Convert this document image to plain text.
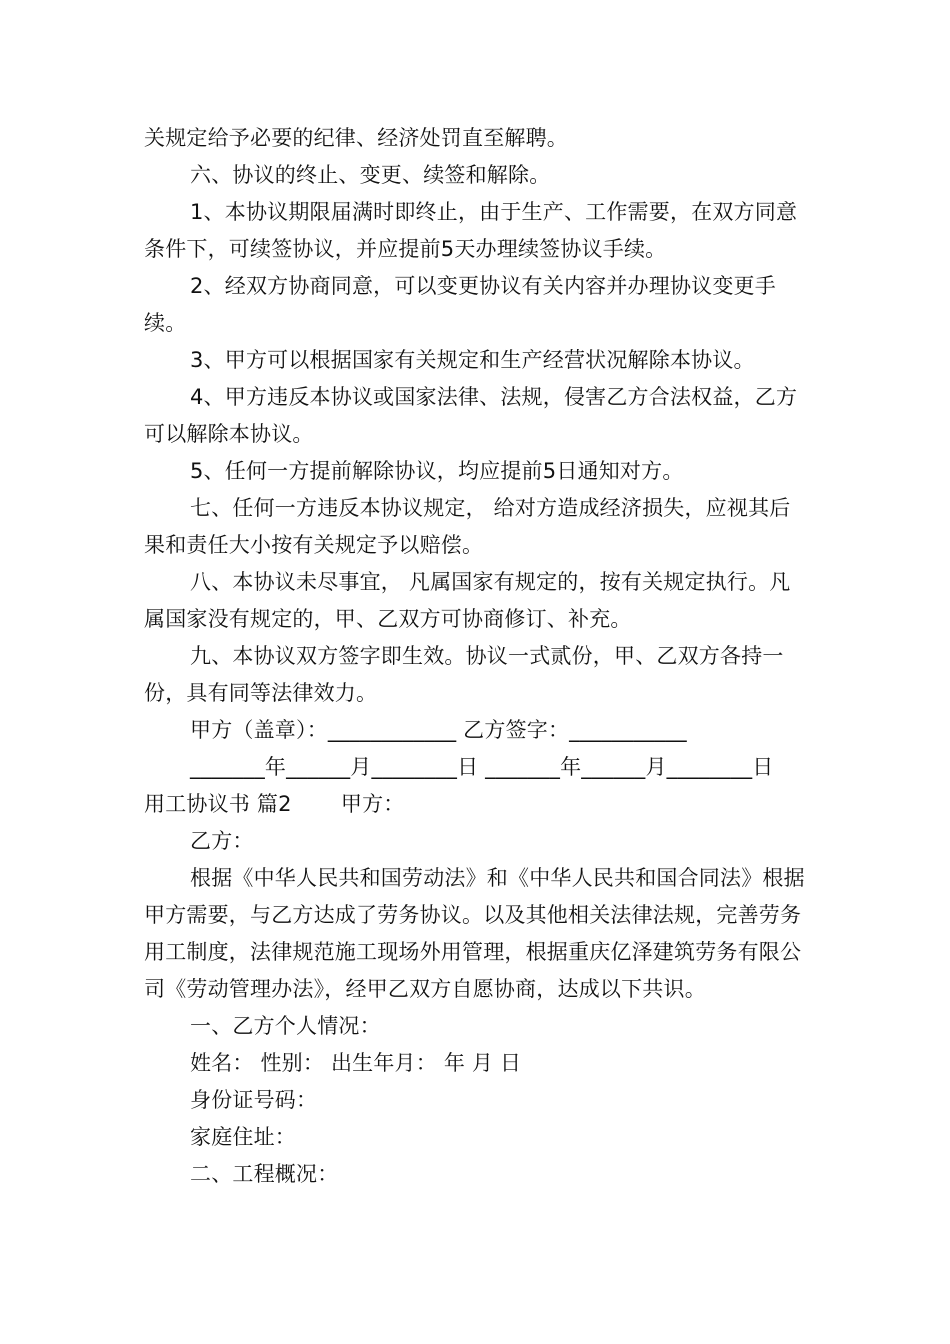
关规定给予必要的纪律、经济处罚直至解聘。

六、协议的终止、变更、续签和解除。

1、本协议期限届满时即终止，由于生产、工作需要，在双方同意条件下，可续签协议，并应提前5天办理续签协议手续。

2、经双方协商同意，可以变更协议有关内容并办理协议变更手续。

3、甲方可以根据国家有关规定和生产经营状况解除本协议。

4、甲方违反本协议或国家法律、法规，侵害乙方合法权益，乙方可以解除本协议。

5、任何一方提前解除协议，均应提前5日通知对方。

七、任何一方违反本协议规定， 给对方造成经济损失，应视其后果和责任大小按有关规定予以赔偿。

八、本协议未尽事宜， 凡属国家有规定的，按有关规定执行。凡属国家没有规定的，甲、乙双方可协商修订、补充。

九、本协议双方签字即生效。协议一式贰份，甲、乙双方各持一份，具有同等法律效力。

甲方（盖章）：____________ 乙方签字：___________

_______年______月________日 _______年______月________日

用工协议书 篇2　　 甲方：

乙方：

根据《中华人民共和国劳动法》和《中华人民共和国合同法》根据甲方需要，与乙方达成了劳务协议。以及其他相关法律法规，完善劳务用工制度，法律规范施工现场外用管理，根据重庆亿泽建筑劳务有限公司《劳动管理办法》，经甲乙双方自愿协商，达成以下共识。

一、乙方个人情况：

姓名： 性别： 出生年月： 年 月 日

身份证号码：

家庭住址：

二、工程概况：
